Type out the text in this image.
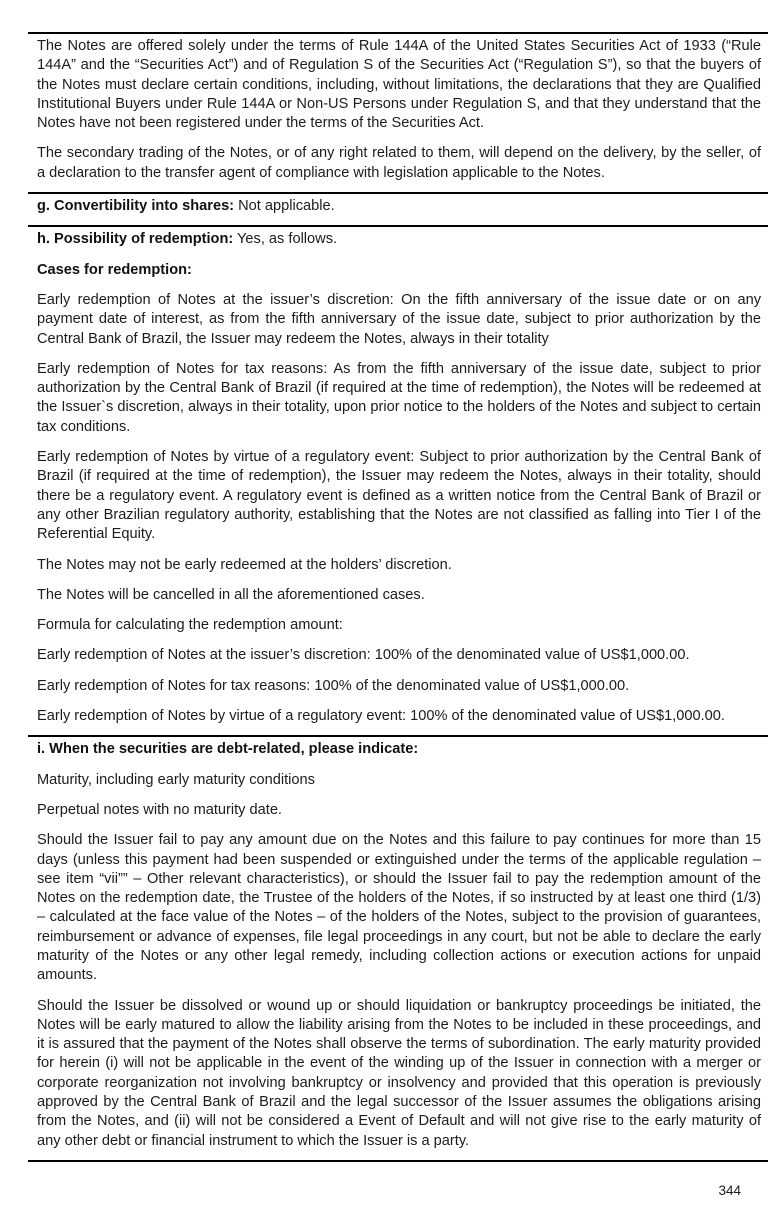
The Notes are offered solely under the terms of Rule 144A of the United States Securities Act of 1933 (“Rule 144A” and the “Securities Act”) and of Regulation S of the Securities Act (“Regulation S”), so that the buyers of the Notes must declare certain conditions, including, without limitations, the declarations that they are Qualified Institutional Buyers under Rule 144A or Non-US Persons under Regulation S, and that they understand that the Notes have not been registered under the terms of the Securities Act.

The secondary trading of the Notes, or of any right related to them, will depend on the delivery, by the seller, of a declaration to the transfer agent of compliance with legislation applicable to the Notes.

g. Convertibility into shares: Not applicable.

h. Possibility of redemption: Yes, as follows.

Cases for redemption:

Early redemption of Notes at the issuer’s discretion: On the fifth anniversary of the issue date or on any payment date of interest, as from the fifth anniversary of the issue date, subject to prior authorization by the Central Bank of Brazil, the Issuer may redeem the Notes, always in their totality

Early redemption of Notes for tax reasons: As from the fifth anniversary of the issue date, subject to prior authorization by the Central Bank of Brazil (if required at the time of redemption), the Notes will be redeemed at the Issuer`s discretion, always in their totality, upon prior notice to the holders of the Notes and subject to certain tax conditions.

Early redemption of Notes by virtue of a regulatory event: Subject to prior authorization by the Central Bank of Brazil (if required at the time of redemption), the Issuer may redeem the Notes, always in their totality, should there be a regulatory event. A regulatory event is defined as a written notice from the Central Bank of Brazil or any other Brazilian regulatory authority, establishing that the Notes are not classified as falling into Tier I of the Referential Equity.

The Notes may not be early redeemed at the holders’ discretion.

The Notes will be cancelled in all the aforementioned cases.

Formula for calculating the redemption amount:

Early redemption of Notes at the issuer’s discretion: 100% of the denominated value of US$1,000.00.

Early redemption of Notes for tax reasons: 100% of the denominated value of US$1,000.00.

Early redemption of Notes by virtue of a regulatory event: 100% of the denominated value of US$1,000.00.

i. When the securities are debt-related, please indicate:

Maturity, including early maturity conditions

Perpetual notes with no maturity date.

Should the Issuer fail to pay any amount due on the Notes and this failure to pay continues for more than 15 days (unless this payment had been suspended or extinguished under the terms of the applicable regulation – see item “vii”” – Other relevant characteristics), or should the Issuer fail to pay the redemption amount of the Notes on the redemption date, the Trustee of the holders of the Notes, if so instructed by at least one third (1/3) – calculated at the face value of the Notes – of the holders of the Notes, subject to the provision of guarantees, reimbursement or advance of expenses, file legal proceedings in any court, but not be able to declare the early maturity of the Notes or any other legal remedy, including collection actions or execution actions for unpaid amounts.

Should the Issuer be dissolved or wound up or should liquidation or bankruptcy proceedings be initiated, the Notes will be early matured to allow the liability arising from the Notes to be included in these proceedings, and it is assured that the payment of the Notes shall observe the terms of subordination. The early maturity provided for herein (i) will not be applicable in the event of the winding up of the Issuer in connection with a merger or corporate reorganization not involving bankruptcy or insolvency and provided that this operation is previously approved by the Central Bank of Brazil and the legal successor of the Issuer assumes the obligations arising from the Notes, and (ii) will not be considered a Event of Default and will not give rise to the early maturity of any other debt or financial instrument to which the Issuer is a party.

344
